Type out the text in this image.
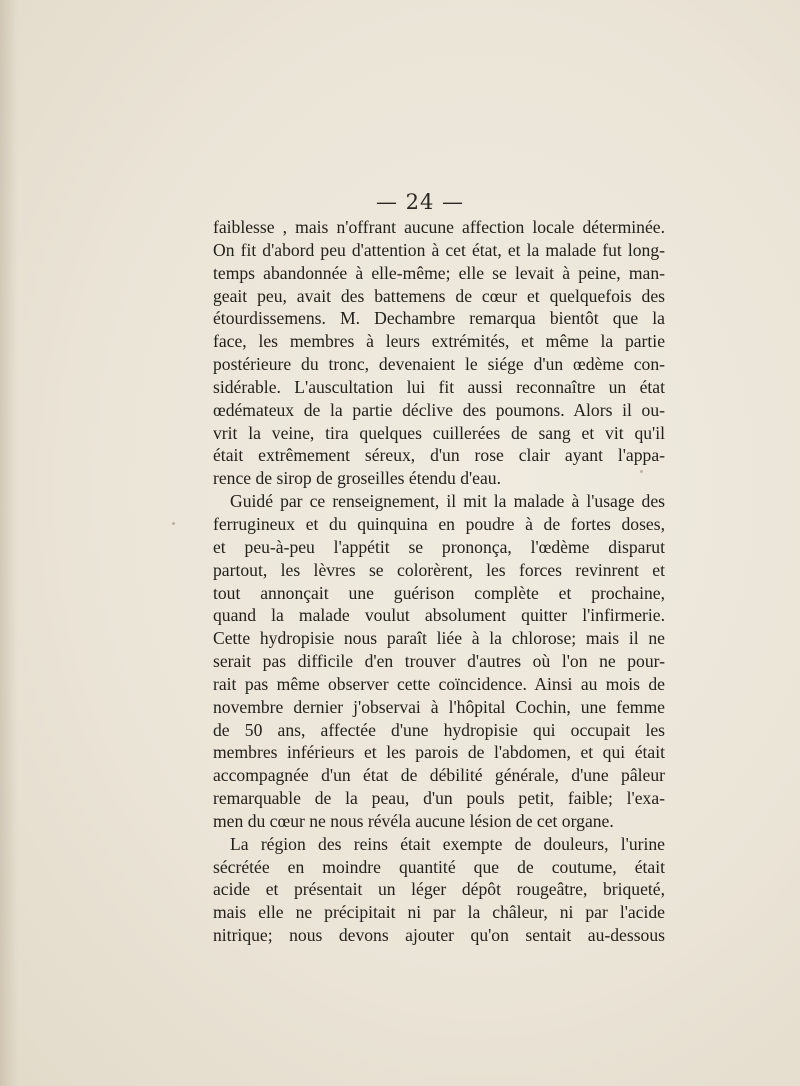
— 24 —
faiblesse , mais n'offrant aucune affection locale déterminée.
On fit d'abord peu d'attention à cet état, et la malade fut long-
temps abandonnée à elle-même; elle se levait à peine, man-
geait peu, avait des battemens de cœur et quelquefois des
étourdissemens. M. Dechambre remarqua bientôt que la
face, les membres à leurs extrémités, et même la partie
postérieure du tronc, devenaient le siége d'un œdème con-
sidérable. L'auscultation lui fit aussi reconnaître un état
œdémateux de la partie déclive des poumons. Alors il ou-
vrit la veine, tira quelques cuillerées de sang et vit qu'il
était extrêmement séreux, d'un rose clair ayant l'appa-
rence de sirop de groseilles étendu d'eau.
Guidé par ce renseignement, il mit la malade à l'usage des
ferrugineux et du quinquina en poudre à de fortes doses,
et peu-à-peu l'appétit se prononça, l'œdème disparut
partout, les lèvres se colorèrent, les forces revinrent et
tout annonçait une guérison complète et prochaine,
quand la malade voulut absolument quitter l'infirmerie.
Cette hydropisie nous paraît liée à la chlorose; mais il ne
serait pas difficile d'en trouver d'autres où l'on ne pour-
rait pas même observer cette coïncidence. Ainsi au mois de
novembre dernier j'observai à l'hôpital Cochin, une femme
de 50 ans, affectée d'une hydropisie qui occupait les
membres inférieurs et les parois de l'abdomen, et qui était
accompagnée d'un état de débilité générale, d'une pâleur
remarquable de la peau, d'un pouls petit, faible; l'exa-
men du cœur ne nous révéla aucune lésion de cet organe.
La région des reins était exempte de douleurs, l'urine
sécrétée en moindre quantité que de coutume, était
acide et présentait un léger dépôt rougeâtre, briqueté,
mais elle ne précipitait ni par la châleur, ni par l'acide
nitrique; nous devons ajouter qu'on sentait au-dessous
